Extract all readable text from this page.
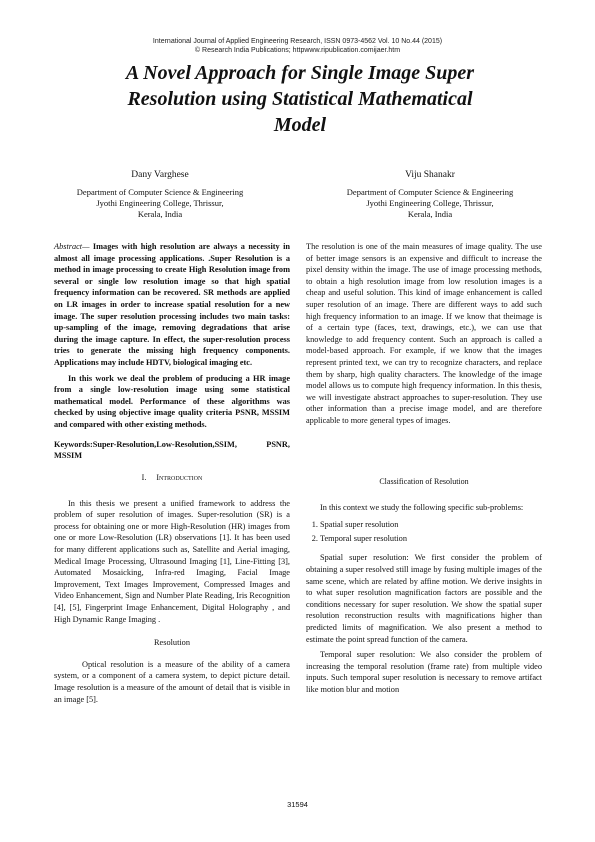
International Journal of Applied Engineering Research, ISSN 0973-4562 Vol. 10 No.44 (2015)
© Research India Publications; httpwww.ripublication.comijaer.htm
A Novel Approach for Single Image Super
Resolution using Statistical Mathematical
Model
Dany Varghese
Department of Computer Science & Engineering
Jyothi Engineering College, Thrissur,
Kerala, India
Viju Shanakr
Department of Computer Science & Engineering
Jyothi Engineering College, Thrissur,
Kerala, India

Abstract— Images with high resolution are always a necessity in almost all image processing applications. .Super Resolution is a method in image processing to create High Resolution image from several or single low resolution image so that high spatial frequency information can be recovered. SR methods are applied on LR images in order to increase spatial resolution for a new image. The super resolution processing includes two main tasks: up-sampling of the image, removing degradations that arise during the image capture. In effect, the super-resolution process tries to generate the missing high frequency components. Applications may include HDTV, biological imaging etc.

In this work we deal the problem of producing a HR image from a single low-resolution image using some statistical mathematical model. Performance of these algorithms was checked by using objective image quality criteria PSNR, MSSIM and compared with other existing methods.

Keywords:Super-Resolution,Low-Resolution,SSIM, PSNR, MSSIM

The resolution is one of the main measures of image quality. The use of better image sensors is an expensive and difficult to increase the pixel density within the image. The use of image processing methods, to obtain a high resolution image from low resolution images is a cheap and useful solution. This kind of image enhancement is called super resolution of an image. There are different ways to add such high frequency information to an image. If we know that theimage is of a certain type (faces, text, drawings, etc.), we can use that knowledge to add frequency content. Such an approach is called a model-based approach. For example, if we know that the images represent printed text, we can try to recognize characters, and replace them by sharp, high quality characters. The knowledge of the image model allows us to compute high frequency information. In this thesis, we will investigate abstract approaches to super-resolution. They use other information than a precise image model, and are therefore applicable to more general types of images.

I. Introduction

In this thesis we present a unified framework to address the problem of super resolution of images. Super-resolution (SR) is a process for obtaining one or more High-Resolution (HR) images from one or more Low-Resolution (LR) observations [1]. It has been used for many different applications such as, Satellite and Aerial imaging, Medical Image Processing, Ultrasound Imaging [1], Line-Fitting [3], Automated Mosaicking, Infra-red Imaging, Facial Image Improvement, Text Images Improvement, Compressed Images and Video Enhancement, Sign and Number Plate Reading, Iris Recognition [4], [5], Fingerprint Image Enhancement, Digital Holography , and High Dynamic Range Imaging .

Resolution

Optical resolution is a measure of the ability of a camera system, or a component of a camera system, to depict picture detail. Image resolution is a measure of the amount of detail that is visible in an image [5].

Classification of Resolution

In this context we study the following specific sub-problems:

1. Spatial super resolution
2. Temporal super resolution

Spatial super resolution: We first consider the problem of obtaining a super resolved still image by fusing multiple images of the same scene, which are related by affine motion. We derive insights in to what super resolution magnification factors are possible and the conditions necessary for super resolution. We show the spatial super resolution reconstruction results with magnifications higher than predicted limits of magnification. We also present a method to estimate the point spread function of the camera.

Temporal super resolution: We also consider the problem of increasing the temporal resolution (frame rate) from multiple video inputs. Such temporal super resolution is necessary to remove artifact like motion blur and motion

31594
